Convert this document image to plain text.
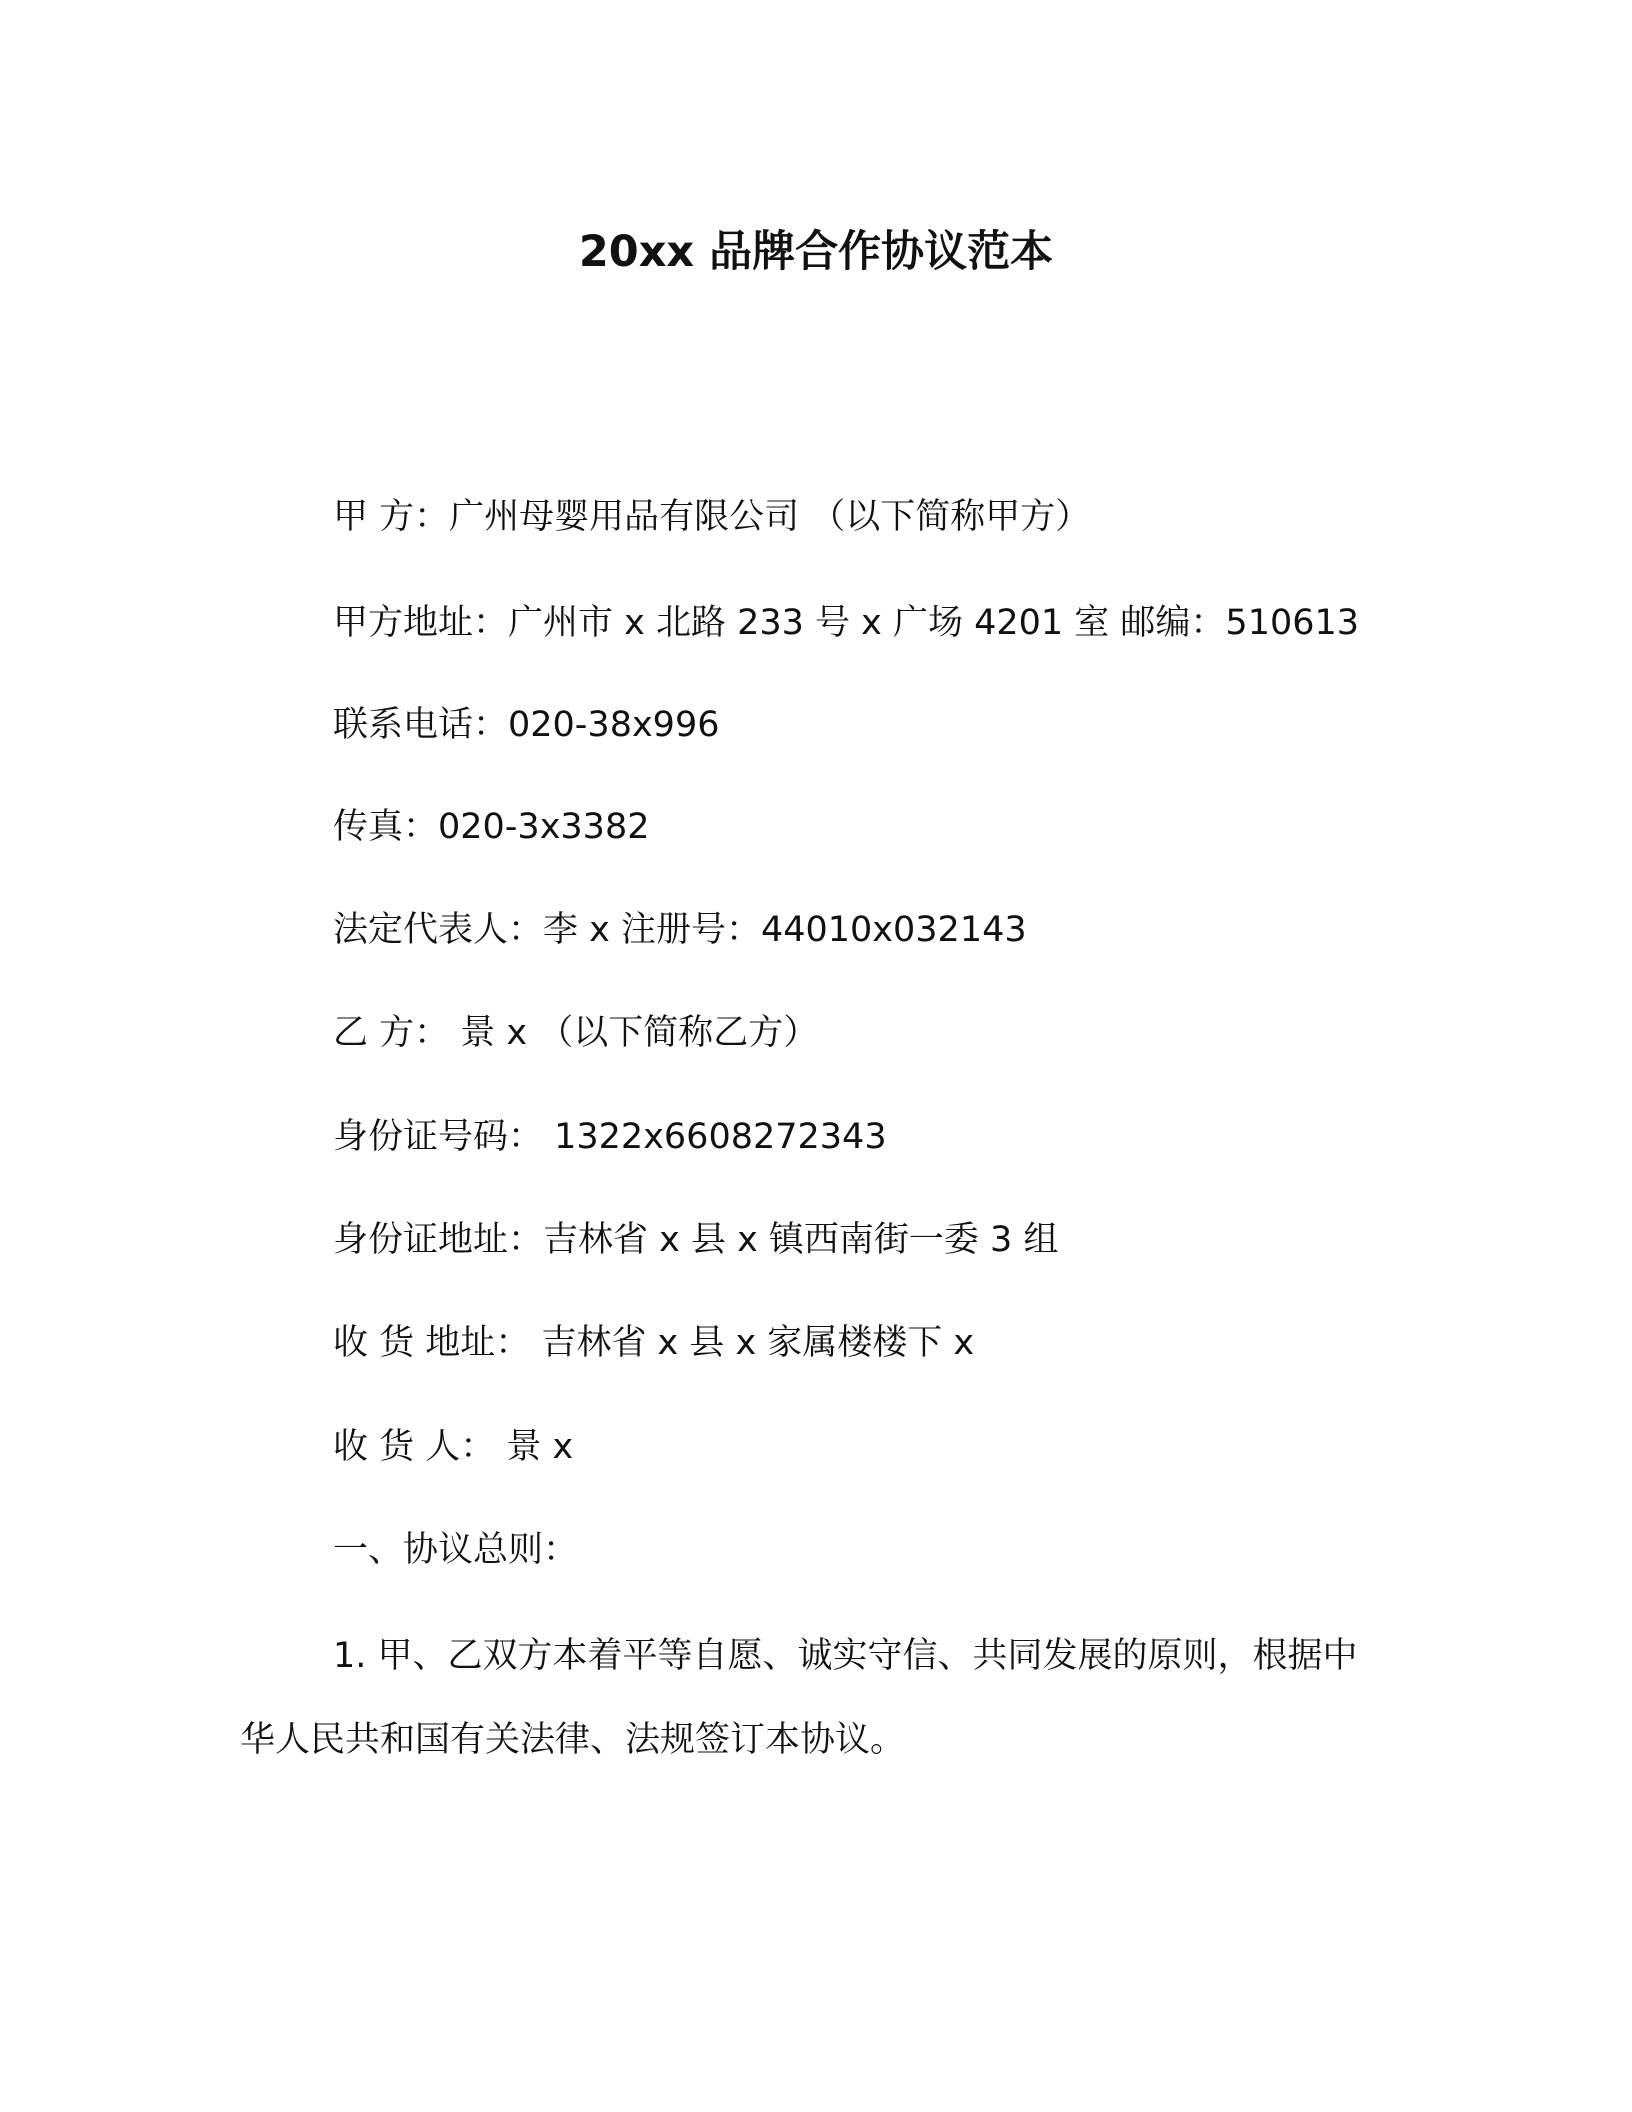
20xx 品牌合作协议范本
甲 方：广州母婴用品有限公司 （以下简称甲方）
甲方地址：广州市 x 北路 233 号 x 广场 4201 室 邮编：510613
联系电话：020-38x996
传真：020-3x3382
法定代表人：李 x 注册号：44010x032143
乙 方： 景 x （以下简称乙方）
身份证号码： 1322x6608272343
身份证地址：吉林省 x 县 x 镇西南街一委 3 组
收 货 地址： 吉林省 x 县 x 家属楼楼下 x
收 货 人： 景 x
一、协议总则：
1. 甲、乙双方本着平等自愿、诚实守信、共同发展的原则，根据中华人民共和国有关法律、法规签订本协议。
